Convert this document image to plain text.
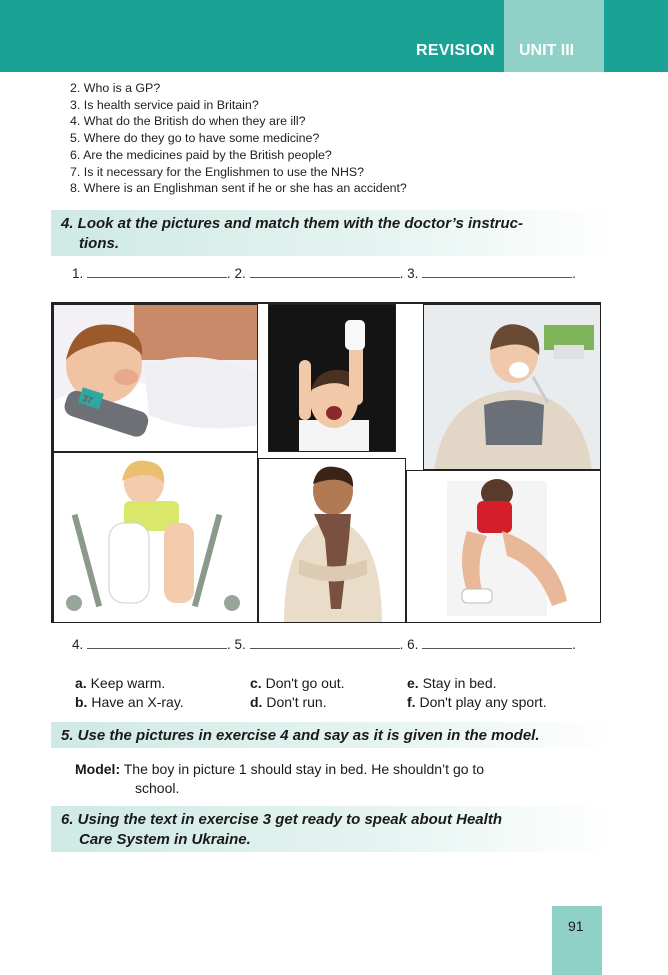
REVISION UNIT III
2. Who is a GP?
3. Is health service paid in Britain?
4. What do the British do when they are ill?
5. Where do they go to have some medicine?
6. Are the medicines paid by the British people?
7. Is it necessary for the Englishmen to use the NHS?
8. Where is an Englishman sent if he or she has an accident?
4. Look at the pictures and match them with the doctor’s instruc-
tions.
1.	. 2.	. 3.	.
37
4.	. 5.	. 6.	.
a. Keep warm.
b. Have an X-ray.
c. Don't go out.
d. Don't run.
e. Stay in bed.
f. Don't play any sport.
5. Use the pictures in exercise 4 and say as it is given in the model.
Model: The boy in picture 1 should stay in bed. He shouldn’t go to
school.
6. Using the text in exercise 3 get ready to speak about Health
Care System in Ukraine.
91
